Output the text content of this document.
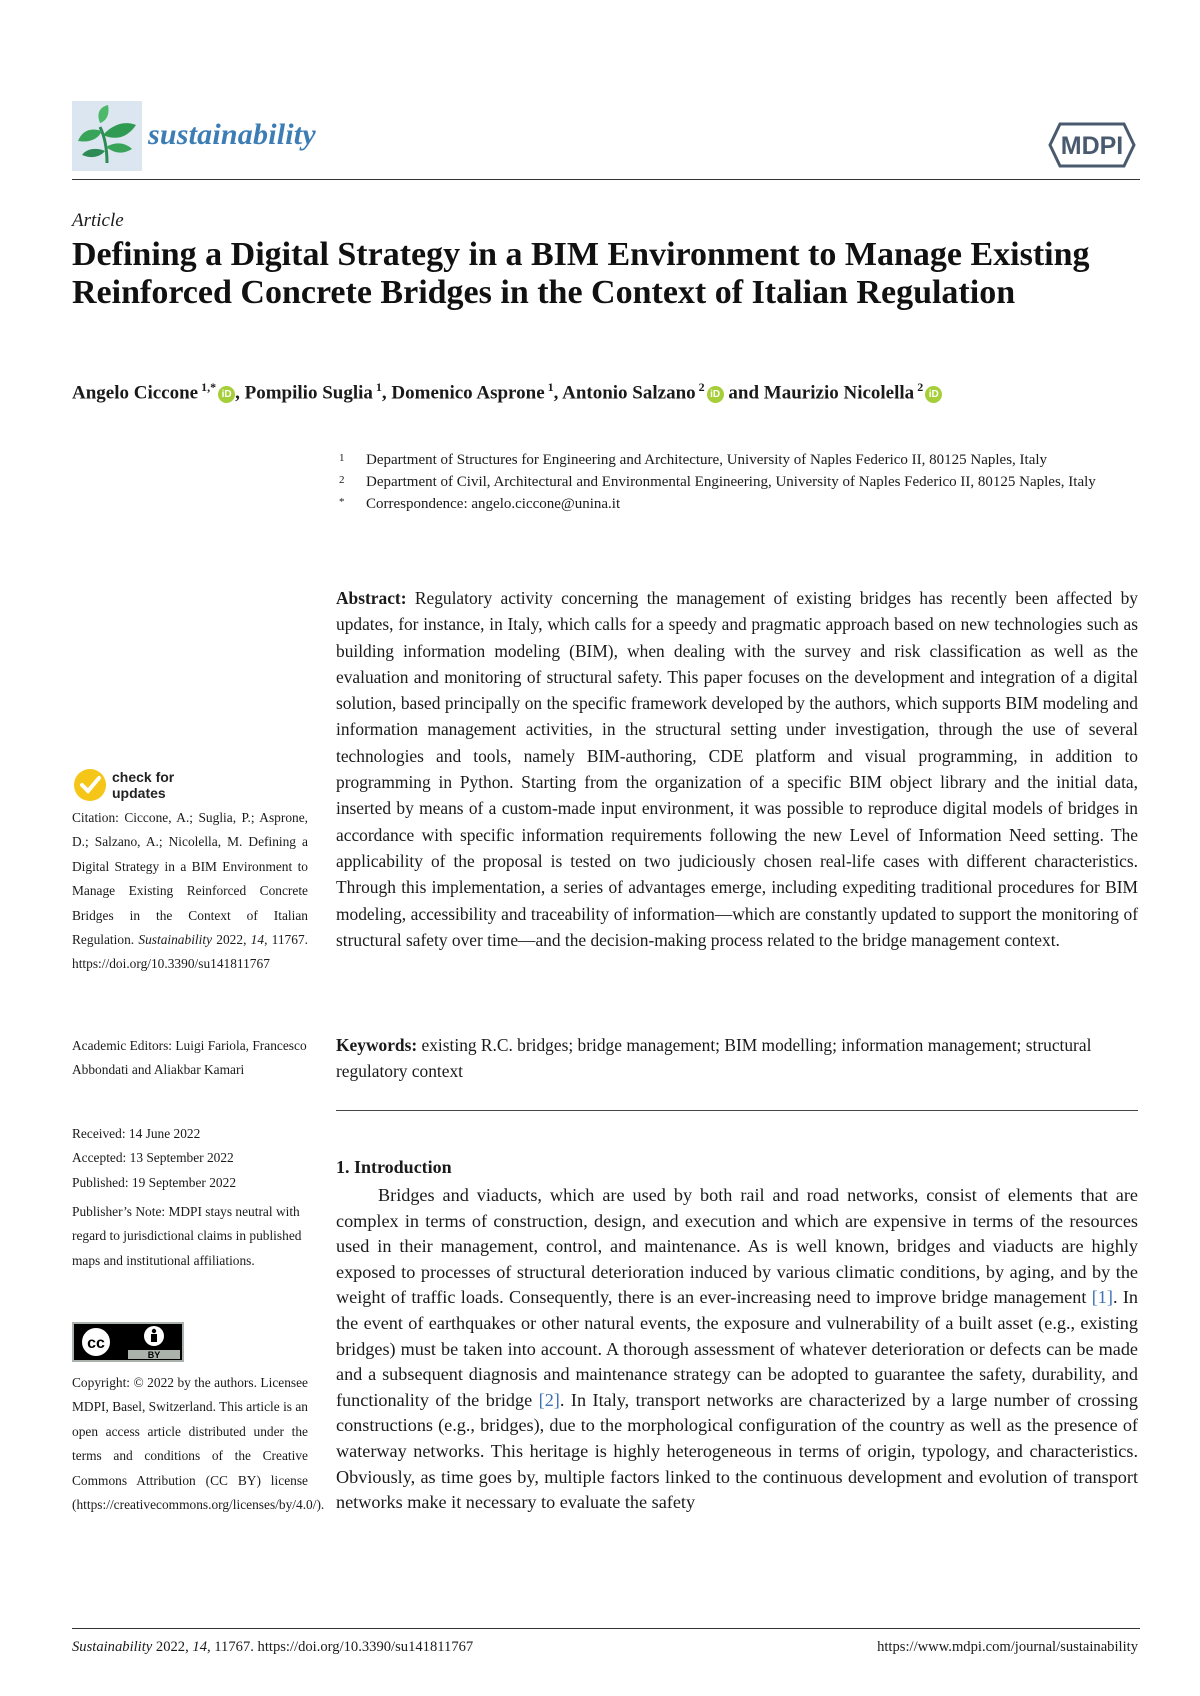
sustainability	MDPI
Article
Defining a Digital Strategy in a BIM Environment to Manage Existing Reinforced Concrete Bridges in the Context of Italian Regulation
Angelo Ciccone $^{1,*}$iD , Pompilio Suglia $^1$, Domenico Asprone $^1$, Antonio Salzano $^2$iD and Maurizio Nicolella $^2$iD
1 Department of Structures for Engineering and Architecture, University of Naples Federico II, 80125 Naples, Italy
2 Department of Civil, Architectural and Environmental Engineering, University of Naples Federico II, 80125 Naples, Italy
* Correspondence: angelo.ciccone@unina.it
Abstract: Regulatory activity concerning the management of existing bridges has recently been affected by updates, for instance, in Italy, which calls for a speedy and pragmatic approach based on new technologies such as building information modeling (BIM), when dealing with the survey and risk classification as well as the evaluation and monitoring of structural safety. This paper focuses on the development and integration of a digital solution, based principally on the specific framework developed by the authors, which supports BIM modeling and information management activities, in the structural setting under investigation, through the use of several technologies and tools, namely BIM-authoring, CDE platform and visual programming, in addition to programming in Python. Starting from the organization of a specific BIM object library and the initial data, inserted by means of a custom-made input environment, it was possible to reproduce digital models of bridges in accordance with specific information requirements following the new Level of Information Need setting. The applicability of the proposal is tested on two judiciously chosen real-life cases with different characteristics. Through this implementation, a series of advantages emerge, including expediting traditional procedures for BIM modeling, accessibility and traceability of information—which are constantly updated to support the monitoring of structural safety over time—and the decision-making process related to the bridge management context.
Keywords: existing R.C. bridges; bridge management; BIM modelling; information management; structural regulatory context
1. Introduction
Bridges and viaducts, which are used by both rail and road networks, consist of elements that are complex in terms of construction, design, and execution and which are expensive in terms of the resources used in their management, control, and maintenance. As is well known, bridges and viaducts are highly exposed to processes of structural deterioration induced by various climatic conditions, by aging, and by the weight of traffic loads. Consequently, there is an ever-increasing need to improve bridge management [1]. In the event of earthquakes or other natural events, the exposure and vulnerability of a built asset (e.g., existing bridges) must be taken into account. A thorough assessment of whatever deterioration or defects can be made and a subsequent diagnosis and maintenance strategy can be adopted to guarantee the safety, durability, and functionality of the bridge [2]. In Italy, transport networks are characterized by a large number of crossing constructions (e.g., bridges), due to the morphological configuration of the country as well as the presence of waterway networks. This heritage is highly heterogeneous in terms of origin, typology, and characteristics. Obviously, as time goes by, multiple factors linked to the continuous development and evolution of transport networks make it necessary to evaluate the safety
check for
updates
Citation: Ciccone, A.; Suglia, P.; Asprone, D.; Salzano, A.; Nicolella, M. Defining a Digital Strategy in a BIM Environment to Manage Existing Reinforced Concrete Bridges in the Context of Italian Regulation. Sustainability 2022, 14, 11767. https://doi.org/10.3390/su141811767
Academic Editors: Luigi Fariola, Francesco Abbondati and Aliakbar Kamari
Received: 14 June 2022
Accepted: 13 September 2022
Published: 19 September 2022
Publisher’s Note: MDPI stays neutral with regard to jurisdictional claims in published maps and institutional affiliations.
cc
BY
Copyright: © 2022 by the authors. Licensee MDPI, Basel, Switzerland. This article is an open access article distributed under the terms and conditions of the Creative Commons Attribution (CC BY) license (https://creativecommons.org/licenses/by/4.0/).
Sustainability 2022, 14, 11767. https://doi.org/10.3390/su141811767	https://www.mdpi.com/journal/sustainability
